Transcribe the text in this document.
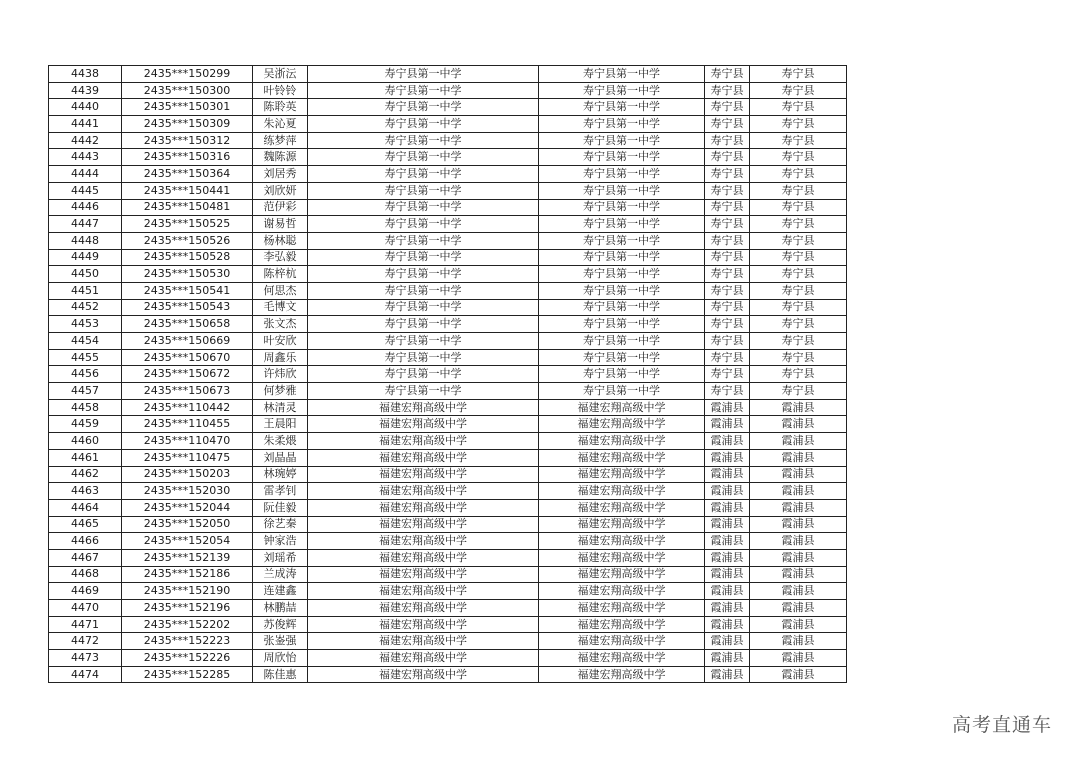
4438	2435***150299	吴浙沄	寿宁县第一中学	寿宁县第一中学	寿宁县	寿宁县
4439	2435***150300	叶铃铃	寿宁县第一中学	寿宁县第一中学	寿宁县	寿宁县
4440	2435***150301	陈聆英	寿宁县第一中学	寿宁县第一中学	寿宁县	寿宁县
4441	2435***150309	朱沁夏	寿宁县第一中学	寿宁县第一中学	寿宁县	寿宁县
4442	2435***150312	练梦萍	寿宁县第一中学	寿宁县第一中学	寿宁县	寿宁县
4443	2435***150316	魏陈源	寿宁县第一中学	寿宁县第一中学	寿宁县	寿宁县
4444	2435***150364	刘居秀	寿宁县第一中学	寿宁县第一中学	寿宁县	寿宁县
4445	2435***150441	刘欣妍	寿宁县第一中学	寿宁县第一中学	寿宁县	寿宁县
4446	2435***150481	范伊彩	寿宁县第一中学	寿宁县第一中学	寿宁县	寿宁县
4447	2435***150525	谢易哲	寿宁县第一中学	寿宁县第一中学	寿宁县	寿宁县
4448	2435***150526	杨林聪	寿宁县第一中学	寿宁县第一中学	寿宁县	寿宁县
4449	2435***150528	李弘毅	寿宁县第一中学	寿宁县第一中学	寿宁县	寿宁县
4450	2435***150530	陈梓杭	寿宁县第一中学	寿宁县第一中学	寿宁县	寿宁县
4451	2435***150541	何思杰	寿宁县第一中学	寿宁县第一中学	寿宁县	寿宁县
4452	2435***150543	毛博文	寿宁县第一中学	寿宁县第一中学	寿宁县	寿宁县
4453	2435***150658	张文杰	寿宁县第一中学	寿宁县第一中学	寿宁县	寿宁县
4454	2435***150669	叶安欣	寿宁县第一中学	寿宁县第一中学	寿宁县	寿宁县
4455	2435***150670	周鑫乐	寿宁县第一中学	寿宁县第一中学	寿宁县	寿宁县
4456	2435***150672	许炜欣	寿宁县第一中学	寿宁县第一中学	寿宁县	寿宁县
4457	2435***150673	何梦雅	寿宁县第一中学	寿宁县第一中学	寿宁县	寿宁县
4458	2435***110442	林清灵	福建宏翔高级中学	福建宏翔高级中学	霞浦县	霞浦县
4459	2435***110455	王晨阳	福建宏翔高级中学	福建宏翔高级中学	霞浦县	霞浦县
4460	2435***110470	朱柔煨	福建宏翔高级中学	福建宏翔高级中学	霞浦县	霞浦县
4461	2435***110475	刘晶晶	福建宏翔高级中学	福建宏翔高级中学	霞浦县	霞浦县
4462	2435***150203	林琬婷	福建宏翔高级中学	福建宏翔高级中学	霞浦县	霞浦县
4463	2435***152030	雷孝钊	福建宏翔高级中学	福建宏翔高级中学	霞浦县	霞浦县
4464	2435***152044	阮佳毅	福建宏翔高级中学	福建宏翔高级中学	霞浦县	霞浦县
4465	2435***152050	徐艺秦	福建宏翔高级中学	福建宏翔高级中学	霞浦县	霞浦县
4466	2435***152054	钟家浩	福建宏翔高级中学	福建宏翔高级中学	霞浦县	霞浦县
4467	2435***152139	刘瑶希	福建宏翔高级中学	福建宏翔高级中学	霞浦县	霞浦县
4468	2435***152186	兰成涛	福建宏翔高级中学	福建宏翔高级中学	霞浦县	霞浦县
4469	2435***152190	连建鑫	福建宏翔高级中学	福建宏翔高级中学	霞浦县	霞浦县
4470	2435***152196	林鹏喆	福建宏翔高级中学	福建宏翔高级中学	霞浦县	霞浦县
4471	2435***152202	苏俊辉	福建宏翔高级中学	福建宏翔高级中学	霞浦县	霞浦县
4472	2435***152223	张崟强	福建宏翔高级中学	福建宏翔高级中学	霞浦县	霞浦县
4473	2435***152226	周欣怡	福建宏翔高级中学	福建宏翔高级中学	霞浦县	霞浦县
4474	2435***152285	陈佳惠	福建宏翔高级中学	福建宏翔高级中学	霞浦县	霞浦县
高考直通车
